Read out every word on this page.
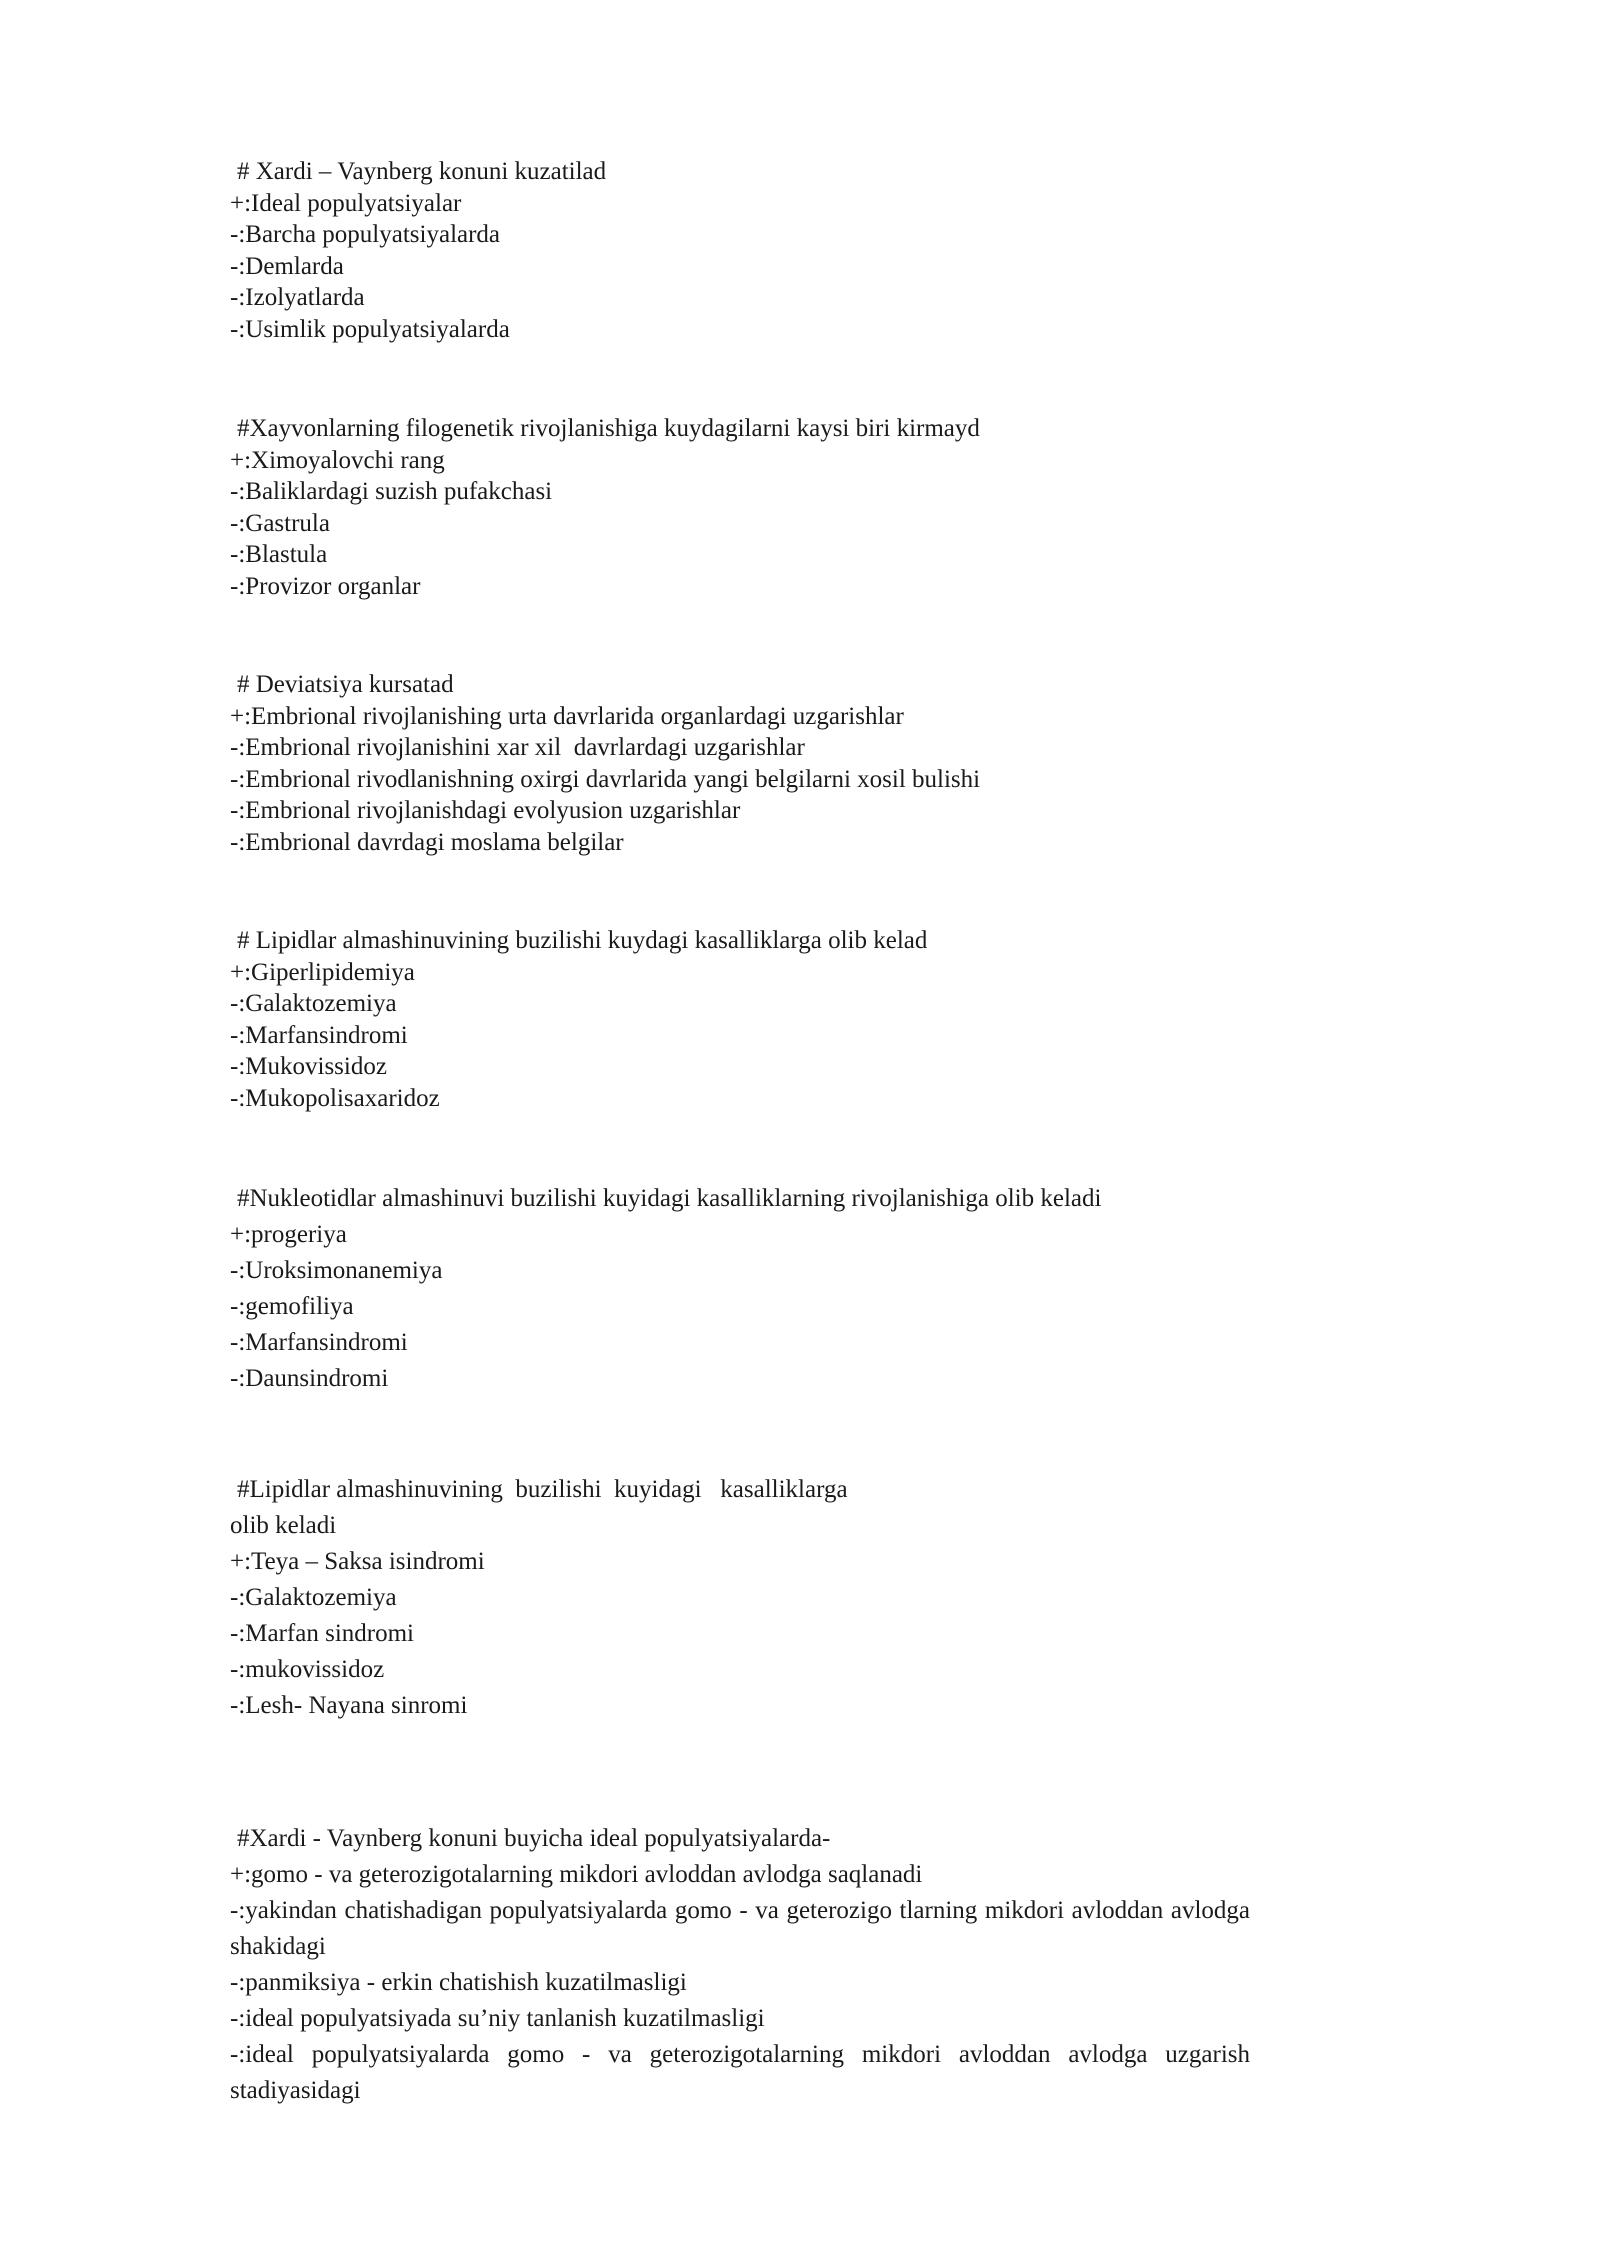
# Xardi – Vaynberg konuni kuzatilad
+:Ideal populyatsiyalar
-:Barcha populyatsiyalarda
-:Demlarda
-:Izolyatlarda
-:Usimlik populyatsiyalarda
#Xayvonlarning filogenetik rivojlanishiga kuydagilarni kaysi biri kirmayd
+:Ximoyalovchi rang
-:Baliklardagi suzish pufakchasi
-:Gastrula
-:Blastula
-:Provizor organlar
# Deviatsiya kursatad
+:Embrional rivojlanishing urta davrlarida organlardagi uzgarishlar
-:Embrional rivojlanishini xar xil  davrlardagi uzgarishlar
-:Embrional rivodlanishning oxirgi davrlarida yangi belgilarni xosil bulishi
-:Embrional rivojlanishdagi evolyusion uzgarishlar
-:Embrional davrdagi moslama belgilar
# Lipidlar almashinuvining buzilishi kuydagi kasalliklarga olib kelad
+:Giperlipidemiya
-:Galaktozemiya
-:Marfansindromi
-:Mukovissidoz
-:Mukopolisaxaridoz
#Nukleotidlar almashinuvi buzilishi kuyidagi kasalliklarning rivojlanishiga olib keladi
+:progeriya
-:Uroksimonanemiya
-:gemofiliya
-:Marfansindromi
-:Daunsindromi
#Lipidlar almashinuvining  buzilishi  kuyidagi   kasalliklarga
olib keladi
+:Teya – Saksa isindromi
-:Galaktozemiya
-:Marfan sindromi
-:mukovissidoz
-:Lesh- Nayana sinromi
#Xardi - Vaynberg konuni buyicha ideal populyatsiyalarda-
+:gomo - va geterozigotalarning mikdori avloddan avlodga saqlanadi
-:yakindan chatishadigan populyatsiyalarda gomo - va geterozigo tlarning mikdori avloddan avlodga shakidagi
-:panmiksiya - erkin chatishish kuzatilmasligi
-:ideal populyatsiyada su’niy tanlanish kuzatilmasligi
-:ideal populyatsiyalarda gomo - va geterozigotalarning mikdori avloddan avlodga uzgarish stadiyasidagi
